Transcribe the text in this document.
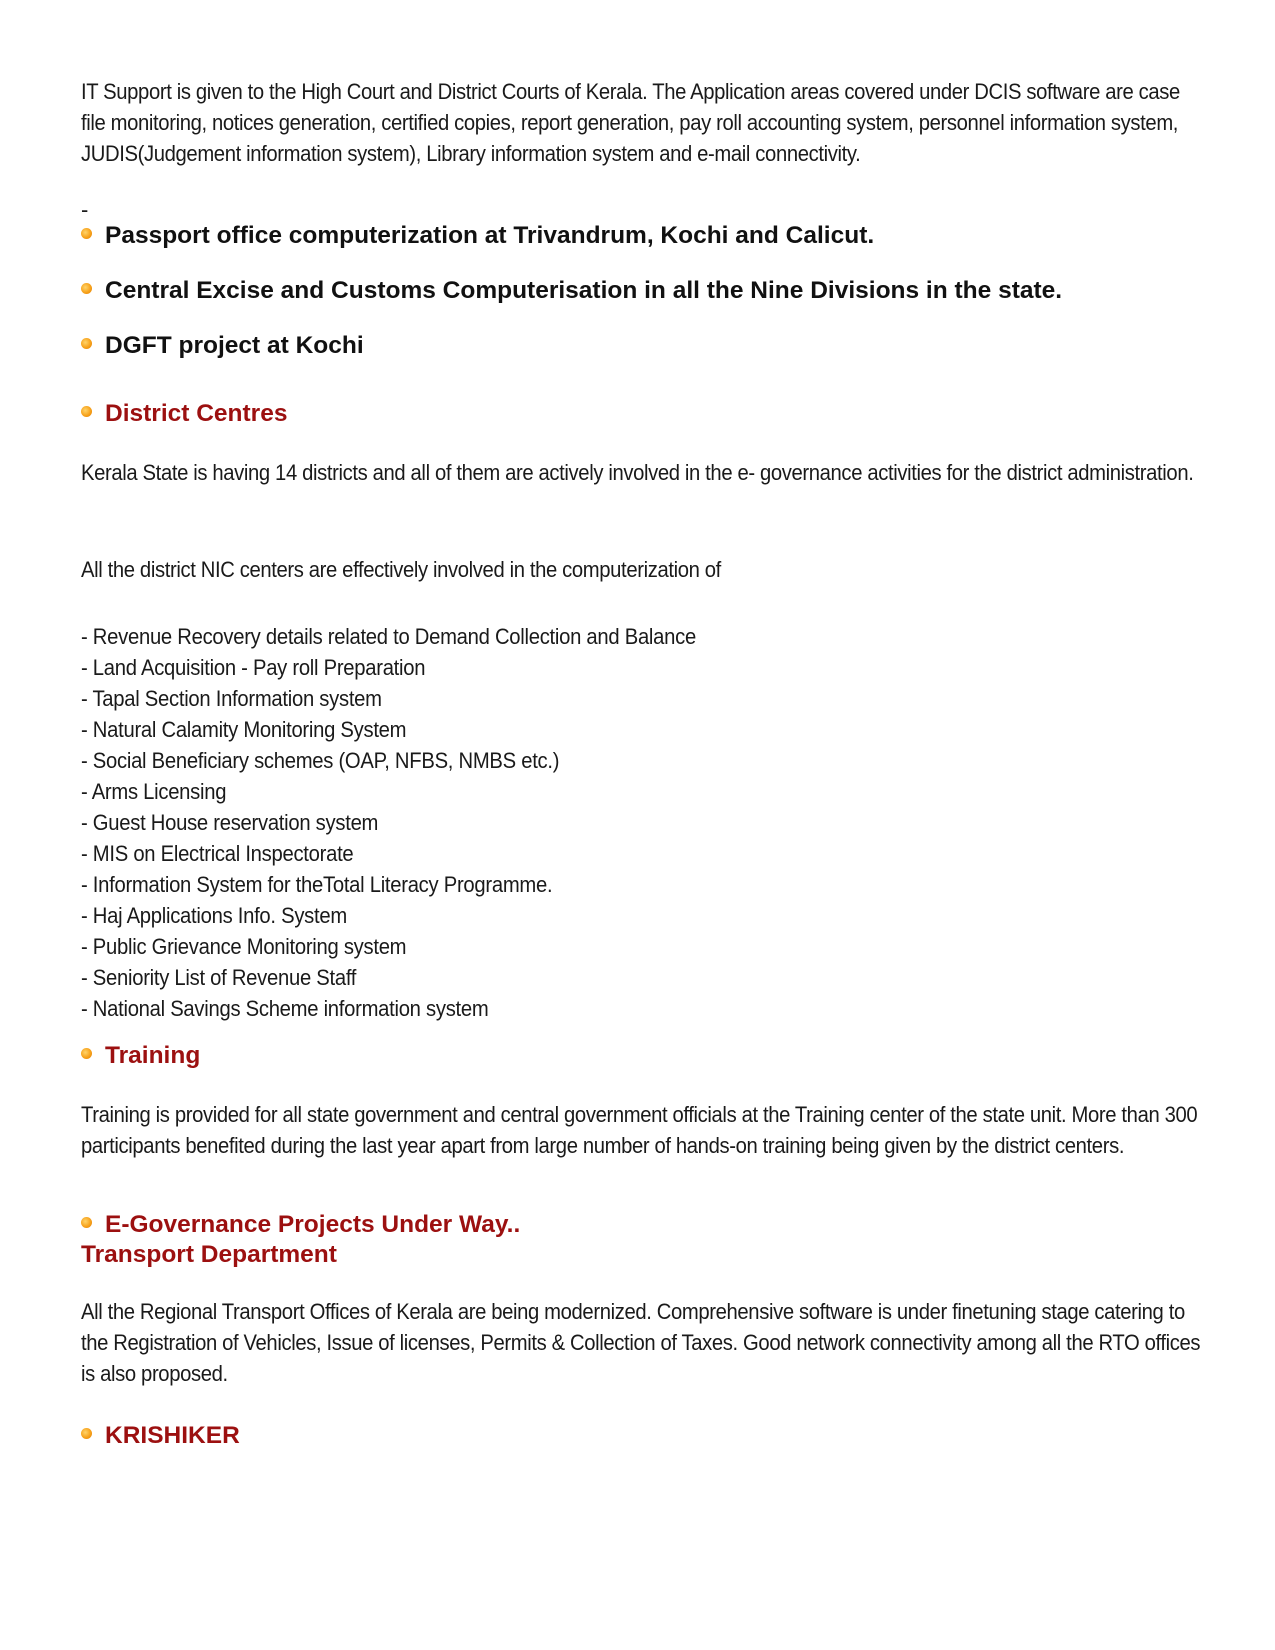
IT Support is given to the High Court and District Courts of Kerala. The Application areas covered under DCIS software are case file monitoring, notices generation, certified copies, report generation, pay roll accounting system, personnel information system, JUDIS(Judgement information system), Library information system and e-mail connectivity.

-
Passport office computerization at Trivandrum, Kochi and Calicut.
Central Excise and Customs Computerisation in all the Nine Divisions in the state.
DGFT project at Kochi
District Centres

Kerala State is having 14 districts and all of them are actively involved in the e- governance activities for the district administration.

All the district NIC centers are effectively involved in the computerization of

- Revenue Recovery details related to Demand Collection and Balance
- Land Acquisition - Pay roll Preparation
- Tapal Section Information system
- Natural Calamity Monitoring System
- Social Beneficiary schemes (OAP, NFBS, NMBS etc.)
- Arms Licensing
- Guest House reservation system
- MIS on Electrical Inspectorate
- Information System for theTotal Literacy Programme.
- Haj Applications Info. System
- Public Grievance Monitoring system
- Seniority List of Revenue Staff
- National Savings Scheme information system
Training

Training is provided for all state government and central government officials at the Training center of the state unit. More than 300 participants benefited during the last year apart from large number of hands-on training being given by the district centers.

E-Governance Projects Under Way..
Transport Department

All the Regional Transport Offices of Kerala are being modernized. Comprehensive software is under finetuning stage catering to the Registration of Vehicles, Issue of licenses, Permits & Collection of Taxes. Good network connectivity among all the RTO offices is also proposed.

KRISHIKER
